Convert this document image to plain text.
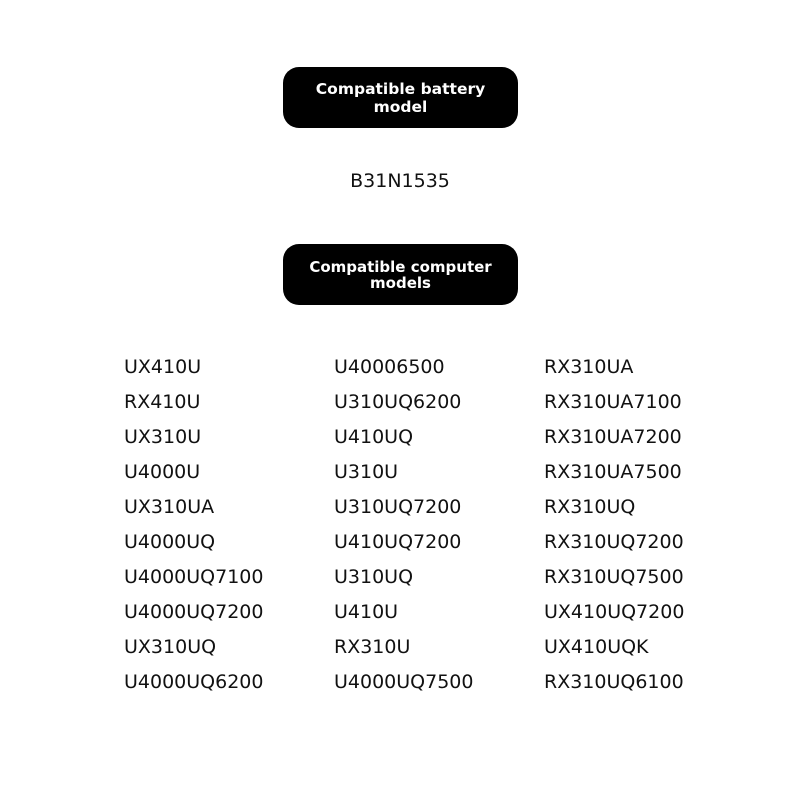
Compatible battery model
B31N1535
Compatible computer models
UX410U	U40006500	RX310UA
RX410U	U310UQ6200	RX310UA7100
UX310U	U410UQ	RX310UA7200
U4000U	U310U	RX310UA7500
UX310UA	U310UQ7200	RX310UQ
U4000UQ	U410UQ7200	RX310UQ7200
U4000UQ7100	U310UQ	RX310UQ7500
U4000UQ7200	U410U	UX410UQ7200
UX310UQ	RX310U	UX410UQK
U4000UQ6200	U4000UQ7500	RX310UQ6100
